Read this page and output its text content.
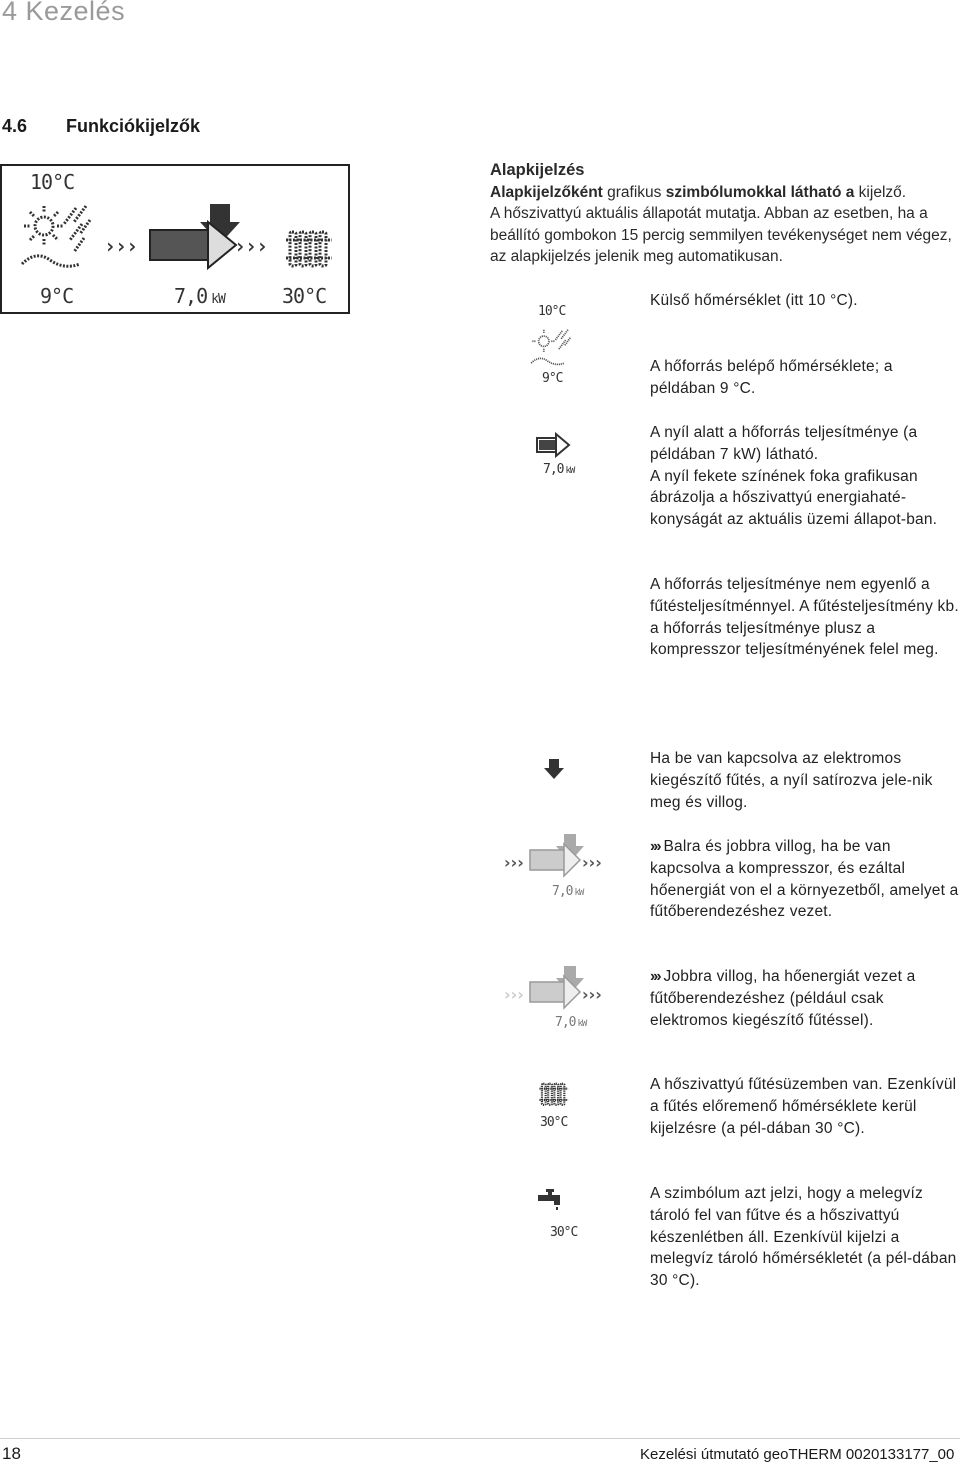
4 Kezelés
4.6 Funkciókijelzők
10°C
›››	›››
9°C	7,0 kW	30°C
Alapkijelzés
Alapkijelzőként grafikus szimbólumokkal látható a kijelző.
A hőszivattyú aktuális állapotát mutatja. Abban az esetben, ha a beállító gombokon 15 percig semmilyen tevékenységet nem végez, az alapkijelzés jelenik meg automatikusan.
10°C
9°C
Külső hőmérséklet (itt 10 °C).
A hőforrás belépő hőmérséklete; a példában 9 °C.
7,0 kW

A nyíl alatt a hőforrás teljesítménye (a példában 7 kW) látható.

A nyíl fekete színének foka grafikusan ábrázolja a hőszivattyú energiahaté-konyságát az aktuális üzemi állapot-ban.

A hőforrás teljesítménye nem egyenlő a fűtésteljesítménnyel. A fűtésteljesítmény kb. a hőforrás teljesítménye plusz a kompresszor teljesítményének felel meg.
Ha be van kapcsolva az elektromos kiegészítő fűtés, a nyíl satírozva jele-nik meg és villog.
›››	›››
7,0 kW
››› Balra és jobbra villog, ha be van kapcsolva a kompresszor, és ezáltal hőenergiát von el a környezetből, amelyet a fűtőberendezéshez vezet.
›››	›››
7,0 kW
››› Jobbra villog, ha hőenergiát vezet a fűtőberendezéshez (például csak elektromos kiegészítő fűtéssel).
30°C
A hőszivattyú fűtésüzemben van. Ezenkívül a fűtés előremenő hőmérséklete kerül kijelzésre (a pél-dában 30 °C).
30°C
A szimbólum azt jelzi, hogy a melegvíz tároló fel van fűtve és a hőszivattyú készenlétben áll. Ezenkívül kijelzi a melegvíz tároló hőmérsékletét (a pél-dában 30 °C).
18	Kezelési útmutató geoTHERM 0020133177_00
